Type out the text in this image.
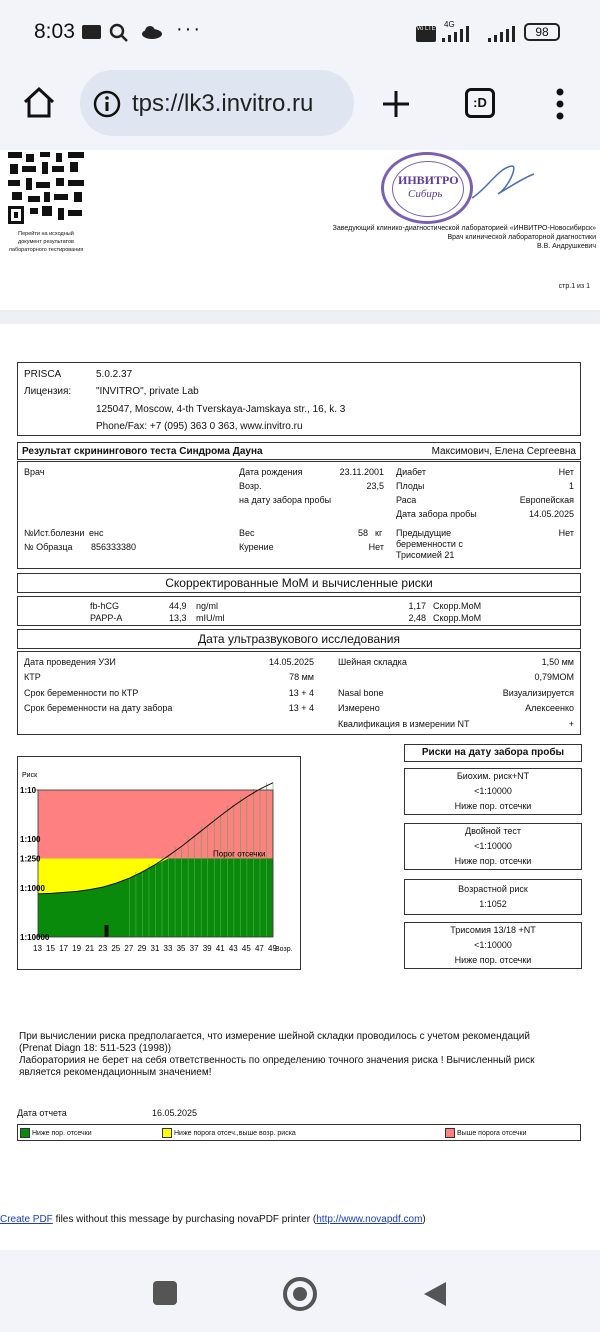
8:03	···	Vo LTE 4G
98
tps://lk3.invitro.ru	:D
Перейти на исходный
документ результатов
лабораторного тестирования
ИНВИТРО
Сибирь
Заведующий клинико-диагностической лабораторией «ИНВИТРО-Новосибирск»
Врач клинической лабораторной диагностики
В.В. Андрушкевич
стр.1 из 1
PRISCA	5.0.2.37
Лицензия: "INVITRO", private Lab
125047, Moscow, 4-th Tverskaya-Jamskaya str., 16, k. 3
Phone/Fax: +7 (095) 363 0 363, www.invitro.ru
Результат скринингового теста Синдрома Дауна	Максимович, Елена Сергеевна
Врач	Дата рождения	23.11.2001
Возр.	23,5
на дату забора пробы
Диабет	Нет
Плоды	1
Раса	Европейская
Дата забора пробы	14.05.2025
№Ист.болезни енс
№ Образца 856333380
Вес	58 кг
Курение	Нет
Предыдущие
беременности с
Трисомией 21
Нет
Скорректированные МоМ и вычисленные риски
fb-hCG	44,9 ng/ml	1,17 Скорр.МоМ
PAPP-A	13,3 mIU/ml	2,48 Скорр.МоМ
Дата ультразвукового исследования
Дата проведения УЗИ	14.05.2025
КТР	78 мм
Срок беременности по КТР	13 + 4
Срок беременности на дату забора	13 + 4
Шейная складка	1,50 мм
0,79МОМ
Nasal bone	Визуализируется
Измерено	Алексеенко
Квалификация в измерении NT	+
1:10
1:100
1:250
1:1000
1:10000
13 15 17 19 21 23 25 27 29 31 33 35 37 39 41 43 45 47 49
Риск
Возр.
Порог отсечки
Риски на дату забора пробы
Биохим. риск+NT
<1:10000
Ниже пор. отсечки
Двойной тест
<1:10000
Ниже пор. отсечки
Возрастной риск
1:1052
Трисомия 13/18 +NT
<1:10000
Ниже пор. отсечки
При вычислении риска предполагается, что измерение шейной складки проводилось с учетом рекомендаций
(Prenat Diagn 18: 511-523 (1998))
Лабораториия не берет на себя ответственность по определению точного значения риска ! Вычисленный риск
является рекомендационным значением!
Дата отчета	16.05.2025
Ниже пор. отсечки	Ниже порога отсеч.,выше возр. риска	Выше порога отсечки
Create PDF files without this message by purchasing novaPDF printer (http://www.novapdf.com)
